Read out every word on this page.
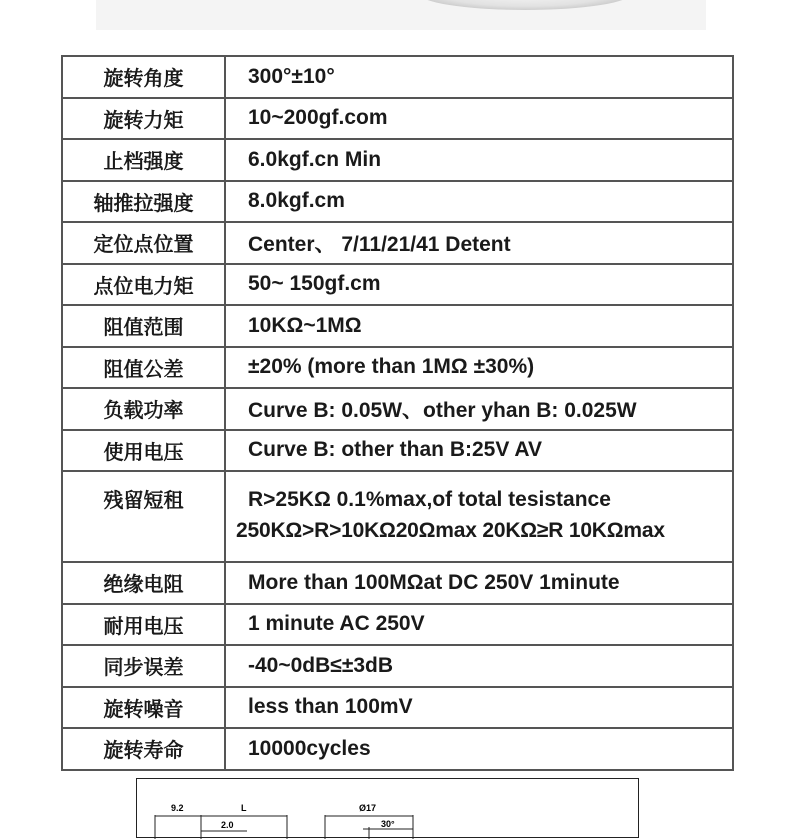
旋转角度	300°±10°
旋转力矩	10~200gf.com
止档强度	6.0kgf.cn Min
轴推拉强度	8.0kgf.cm
定位点位置	Center、 7/11/21/41 Detent
点位电力矩	50~ 150gf.cm
阻值范围	10KΩ~1MΩ
阻值公差	±20% (more than 1MΩ ±30%)
负载功率	Curve B: 0.05W、other yhan B: 0.025W
使用电压	Curve B: other than B:25V AV
残留短租	R>25KΩ 0.1%max,of total tesistance
250KΩ>R>10KΩ20Ωmax 20KΩ≥R 10KΩmax

绝缘电阻	More than 100MΩat DC 250V 1minute
耐用电压	1 minute AC 250V
同步误差	-40~0dB≤±3dB
旋转噪音	less than 100mV
旋转寿命	10000cycles
9.2	L
2.0
Ø17
30°
